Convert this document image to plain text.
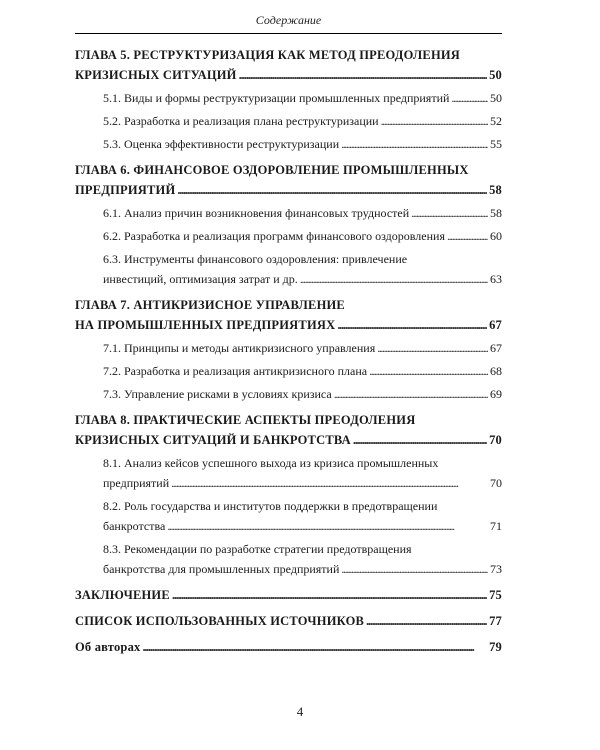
Содержание
ГЛАВА 5. РЕСТРУКТУРИЗАЦИЯ КАК МЕТОД ПРЕОДОЛЕНИЯ
КРИЗИСНЫХ СИТУАЦИЙ . . .	50
5.1. Виды и формы реструктуризации промышленных предприятий . . .	50
5.2. Разработка и реализация плана реструктуризации . . .	52
5.3. Оценка эффективности реструктуризации . . .	55
ГЛАВА 6. ФИНАНСОВОЕ ОЗДОРОВЛЕНИЕ ПРОМЫШЛЕННЫХ
ПРЕДПРИЯТИЙ . . .	58
6.1. Анализ причин возникновения финансовых трудностей . . .	58
6.2. Разработка и реализация программ финансового оздоровления . . .	60
6.3. Инструменты финансового оздоровления: привлечение
инвестиций, оптимизация затрат и др. . . .	63
ГЛАВА 7. АНТИКРИЗИСНОЕ УПРАВЛЕНИЕ
НА ПРОМЫШЛЕННЫХ ПРЕДПРИЯТИЯХ . . .	67
7.1. Принципы и методы антикризисного управления . . .	67
7.2. Разработка и реализация антикризисного плана . . .	68
7.3. Управление рисками в условиях кризиса . . .	69
ГЛАВА 8. ПРАКТИЧЕСКИЕ АСПЕКТЫ ПРЕОДОЛЕНИЯ
КРИЗИСНЫХ СИТУАЦИЙ И БАНКРОТСТВА . . .	70
8.1. Анализ кейсов успешного выхода из кризиса промышленных
предприятий . . .	70
8.2. Роль государства и институтов поддержки в предотвращении
банкротства . . .	71
8.3. Рекомендации по разработке стратегии предотвращения
банкротства для промышленных предприятий . . .	73
ЗАКЛЮЧЕНИЕ . . .	75
СПИСОК ИСПОЛЬЗОВАННЫХ ИСТОЧНИКОВ . . .	77
Об авторах . . .	79
4
